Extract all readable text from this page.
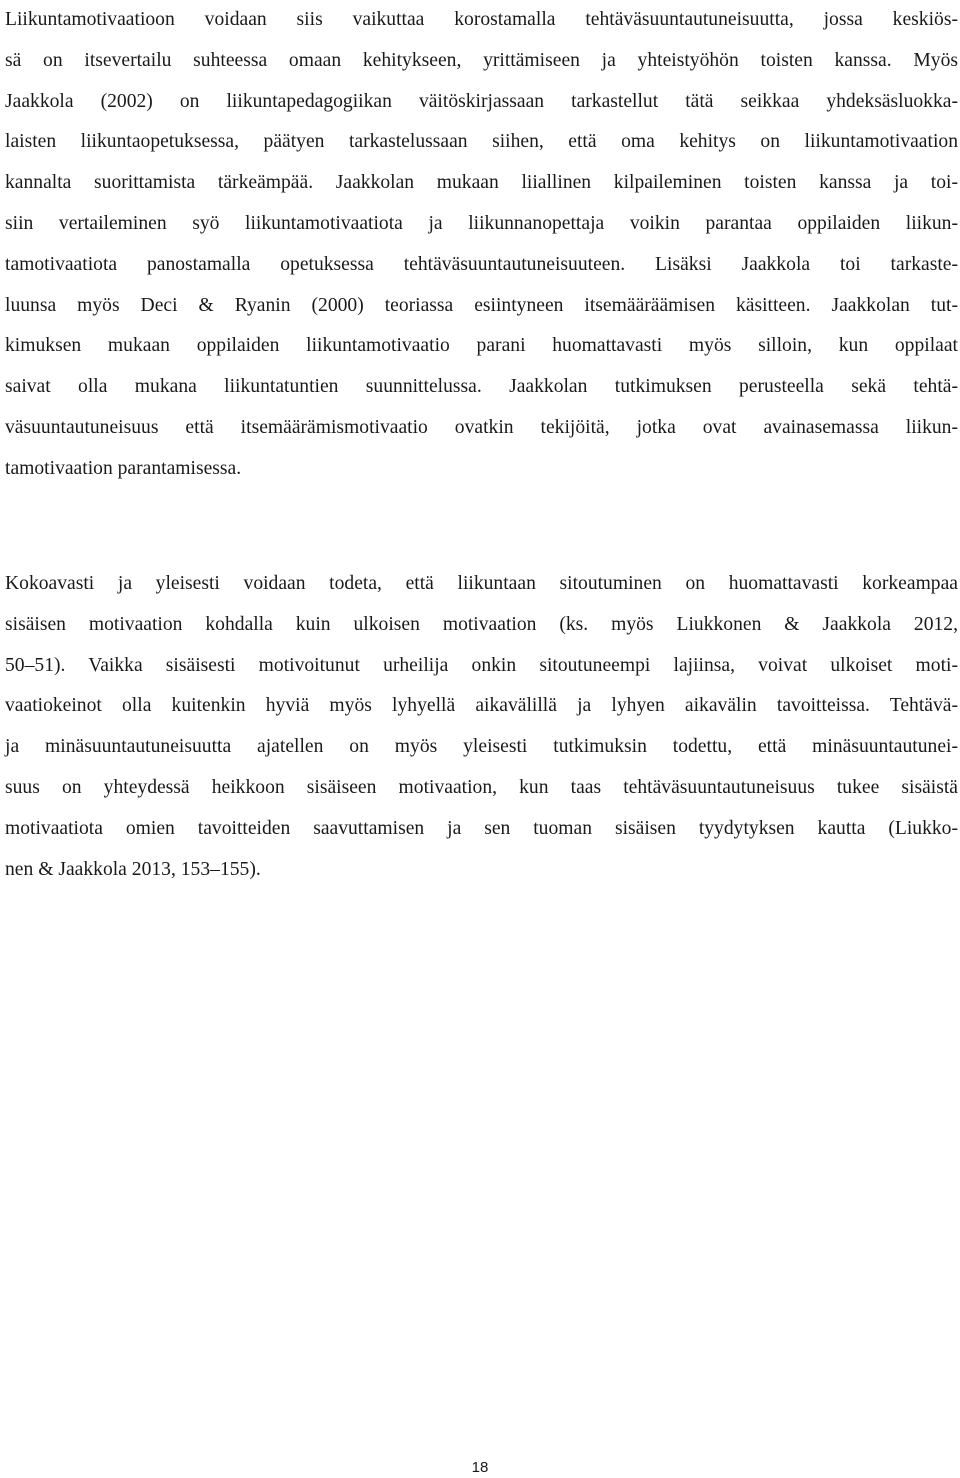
Liikuntamotivaatioon voidaan siis vaikuttaa korostamalla tehtäväsuuntautuneisuutta, jossa keskiös-
sä on itsevertailu suhteessa omaan kehitykseen, yrittämiseen ja yhteistyöhön toisten kanssa. Myös
Jaakkola (2002) on liikuntapedagogiikan väitöskirjassaan tarkastellut tätä seikkaa yhdeksäsluokka-
laisten liikuntaopetuksessa, päätyen tarkastelussaan siihen, että oma kehitys on liikuntamotivaation
kannalta suorittamista tärkeämpää. Jaakkolan mukaan liiallinen kilpaileminen toisten kanssa ja toi-
siin vertaileminen syö liikuntamotivaatiota ja liikunnanopettaja voikin parantaa oppilaiden liikun-
tamotivaatiota panostamalla opetuksessa tehtäväsuuntautuneisuuteen. Lisäksi Jaakkola toi tarkaste-
luunsa myös Deci & Ryanin (2000) teoriassa esiintyneen itsemääräämisen käsitteen. Jaakkolan tut-
kimuksen mukaan oppilaiden liikuntamotivaatio parani huomattavasti myös silloin, kun oppilaat
saivat olla mukana liikuntatuntien suunnittelussa. Jaakkolan tutkimuksen perusteella sekä tehtä-
väsuuntautuneisuus että itsemäärämismotivaatio ovatkin tekijöitä, jotka ovat avainasemassa liikun-
tamotivaation parantamisessa.
Kokoavasti ja yleisesti voidaan todeta, että liikuntaan sitoutuminen on huomattavasti korkeampaa
sisäisen motivaation kohdalla kuin ulkoisen motivaation (ks. myös Liukkonen & Jaakkola 2012,
50–51). Vaikka sisäisesti motivoitunut urheilija onkin sitoutuneempi lajiinsa, voivat ulkoiset moti-
vaatiokeinot olla kuitenkin hyviä myös lyhyellä aikavälillä ja lyhyen aikavälin tavoitteissa. Tehtävä-
ja minäsuuntautuneisuutta ajatellen on myös yleisesti tutkimuksin todettu, että minäsuuntautunei-
suus on yhteydessä heikkoon sisäiseen motivaation, kun taas tehtäväsuuntautuneisuus tukee sisäistä
motivaatiota omien tavoitteiden saavuttamisen ja sen tuoman sisäisen tyydytyksen kautta (Liukko-
nen & Jaakkola 2013, 153–155).
18
